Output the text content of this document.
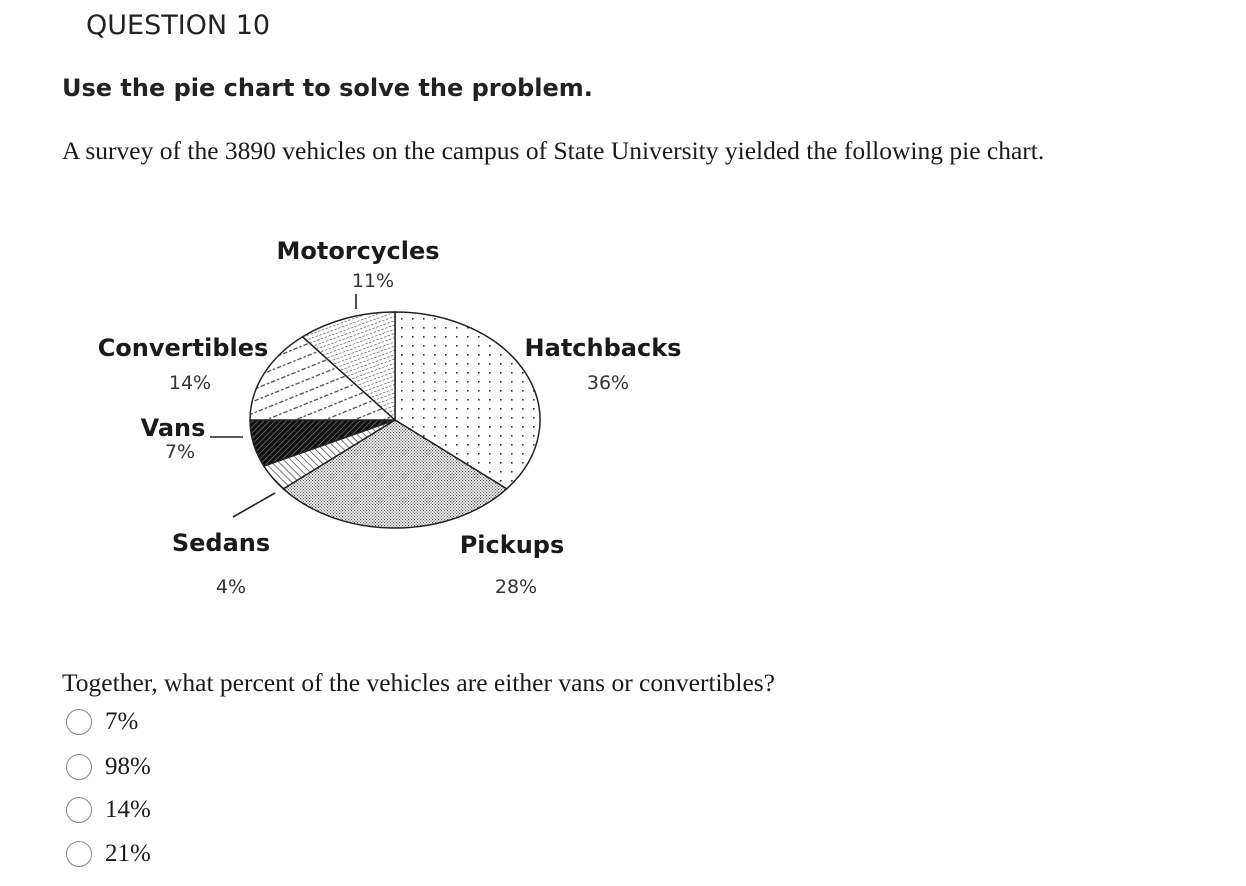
QUESTION 10
Use the pie chart to solve the problem.
A survey of the 3890 vehicles on the campus of State University yielded the following pie chart.
Motorcycles
11%
Hatchbacks
36%
Convertibles
14%
Vans
7%
Sedans
4%
Pickups
28%
Together, what percent of the vehicles are either vans or convertibles?
7%
98%
14%
21%
